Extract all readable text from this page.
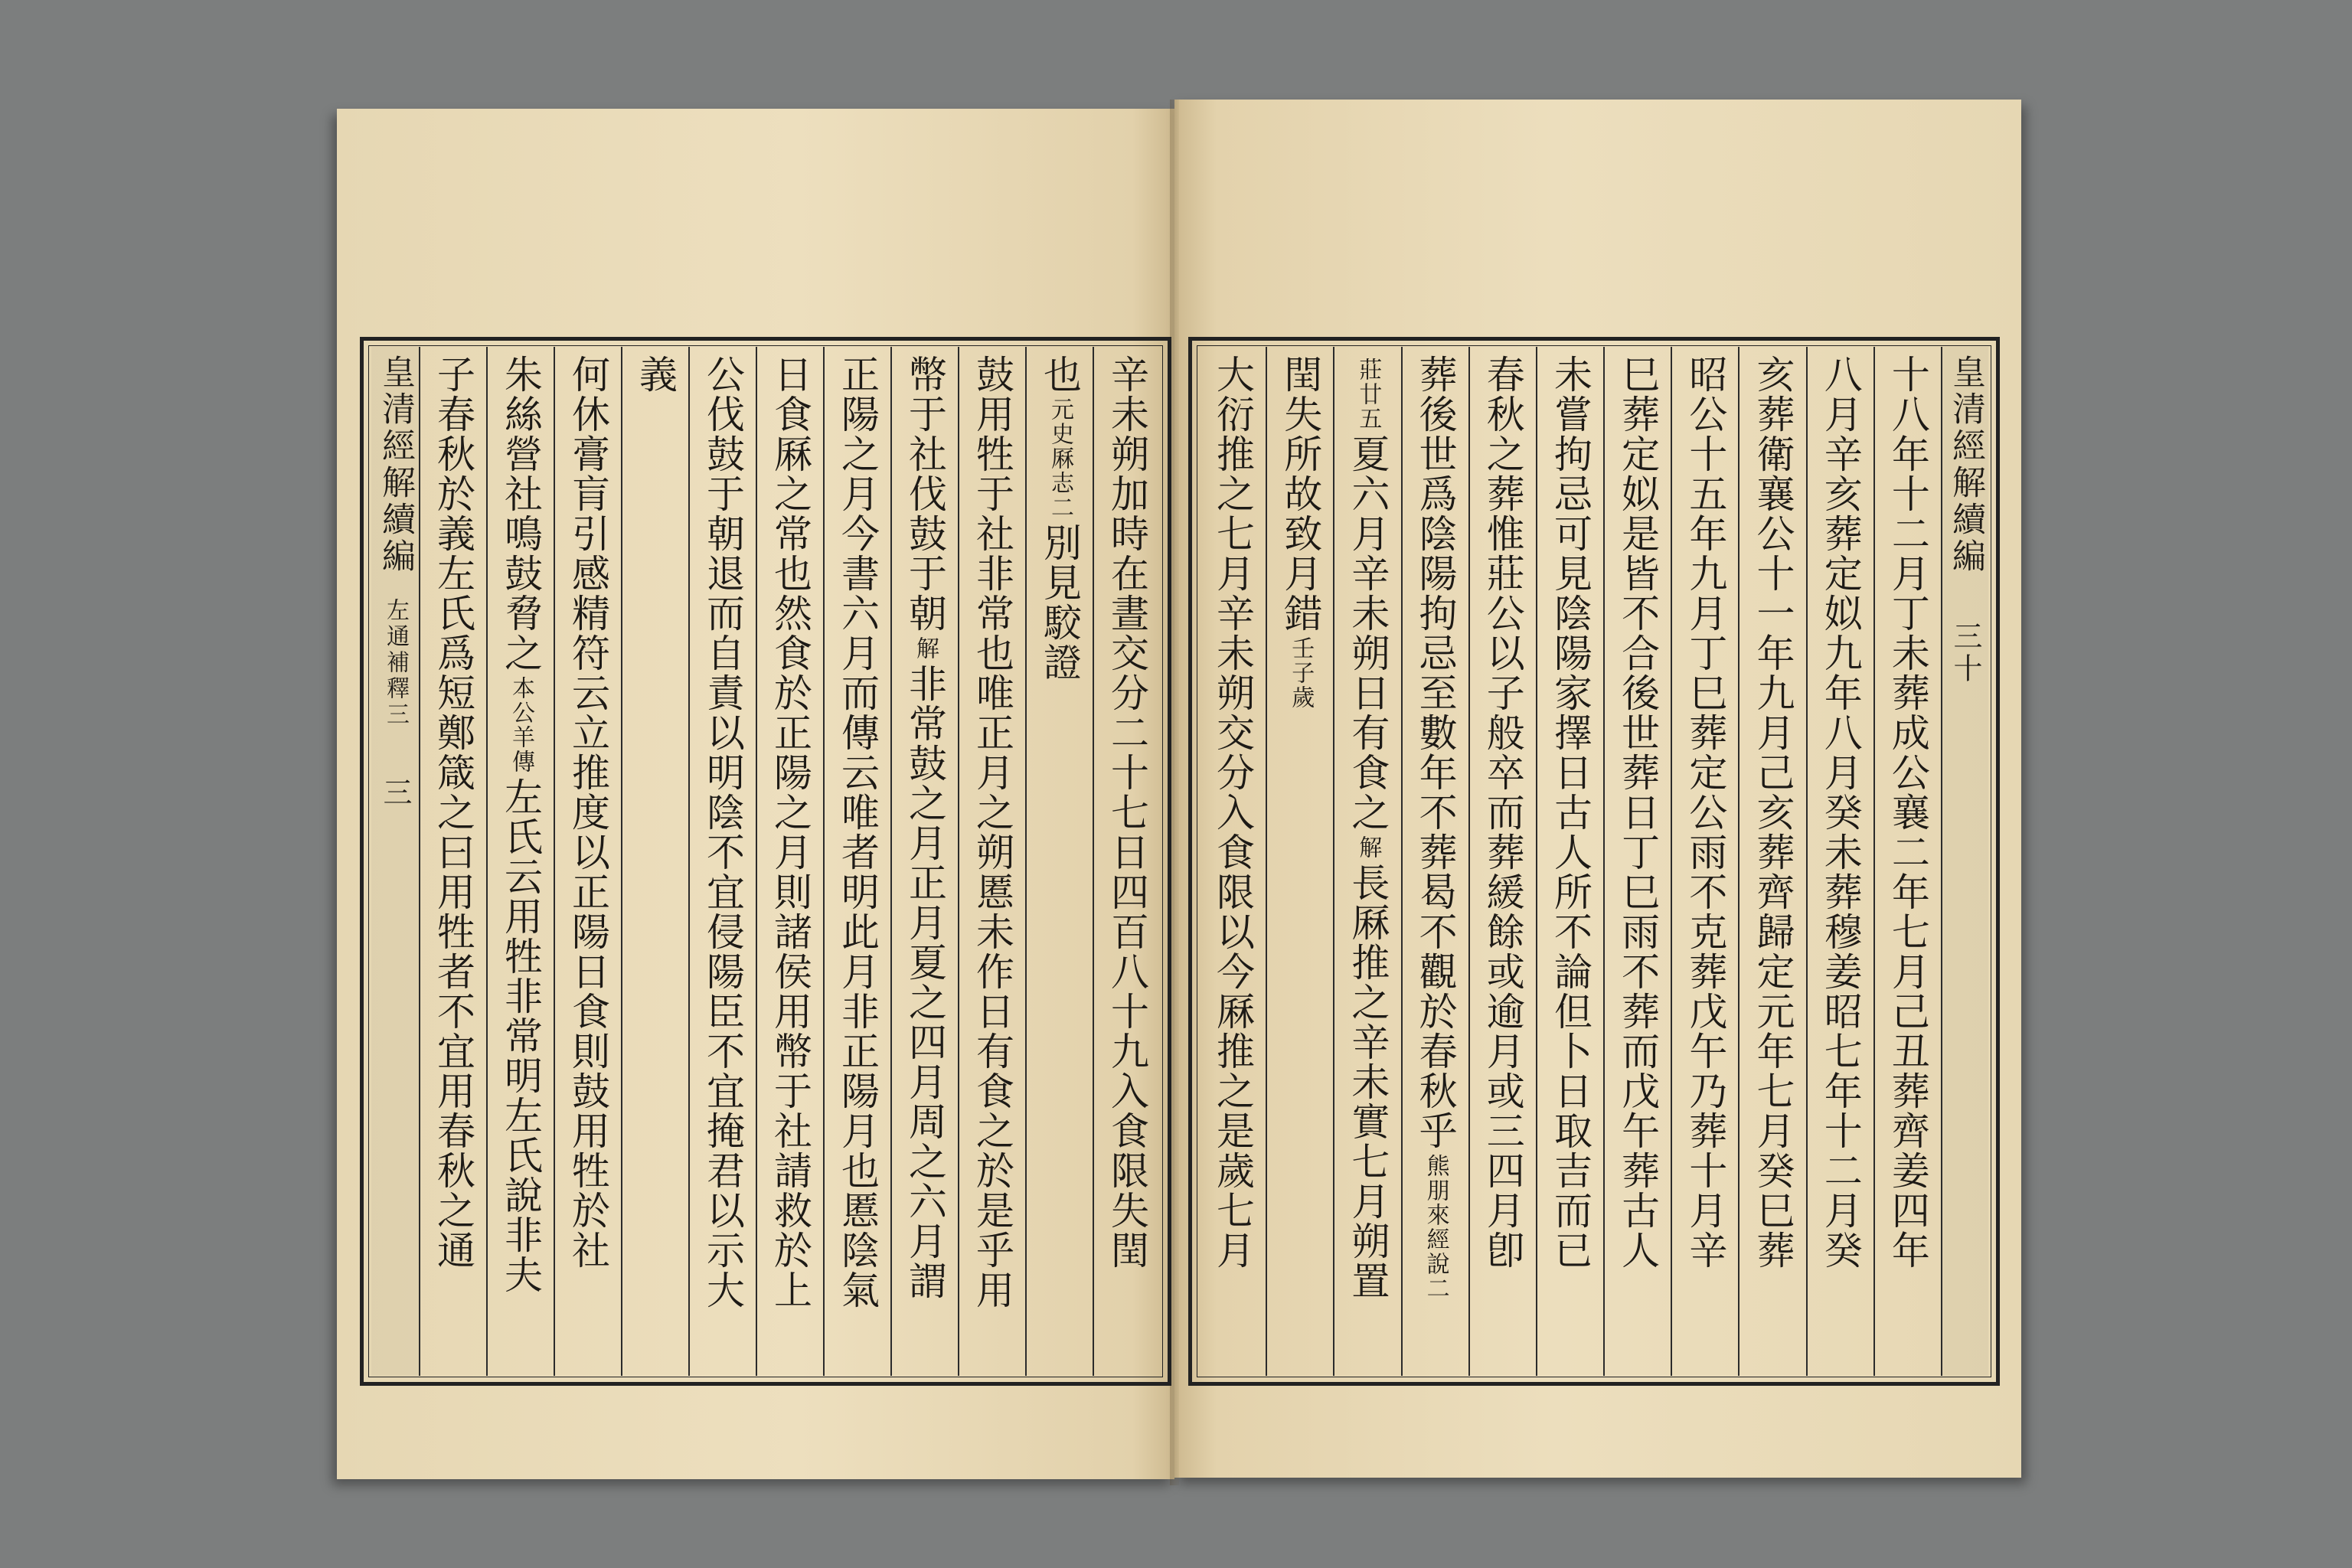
辛未朔加時在晝交分二十七日四百八十九入食限失閏
也
元史厤志二
別見駮證
鼓用牲于社非常也唯正月之朔慝未作日有食之於是乎用
幣于社伐鼓于朝
解
非常鼓之月正月夏之四月周之六月謂
正陽之月今書六月而傳云唯者明此月非正陽月也慝陰氣
日食厤之常也然食於正陽之月則諸侯用幣于社請救於上
公伐鼓于朝退而自責以明陰不宜侵陽臣不宜掩君以示大
義
何休膏肓引感精符云立推度以正陽日食則鼓用牲於社
朱絲營社鳴鼓脅之
本公羊傳
左氏云用牲非常明左氏說非夫
子春秋於義左氏爲短鄭箴之曰用牲者不宜用春秋之通
皇清經解續編
左通補釋三
三
皇清經解續編
三十
十八年十二月丁未葬成公襄二年七月己丑葬齊姜四年
八月辛亥葬定姒九年八月癸未葬穆姜昭七年十二月癸
亥葬衛襄公十一年九月己亥葬齊歸定元年七月癸巳葬
昭公十五年九月丁巳葬定公雨不克葬戊午乃葬十月辛
巳葬定姒是皆不合後世葬日丁巳雨不葬而戊午葬古人
未嘗拘忌可見陰陽家擇日古人所不論但卜日取吉而已
春秋之葬惟莊公以子般卒而葬緩餘或逾月或三四月卽
葬後世爲陰陽拘忌至數年不葬曷不觀於春秋乎
熊朋來經說二
莊廿五
夏六月辛未朔日有食之
解
長厤推之辛未實七月朔置
閏失所故致月錯
壬子歲
大衍推之七月辛未朔交分入食限以今厤推之是歲七月
